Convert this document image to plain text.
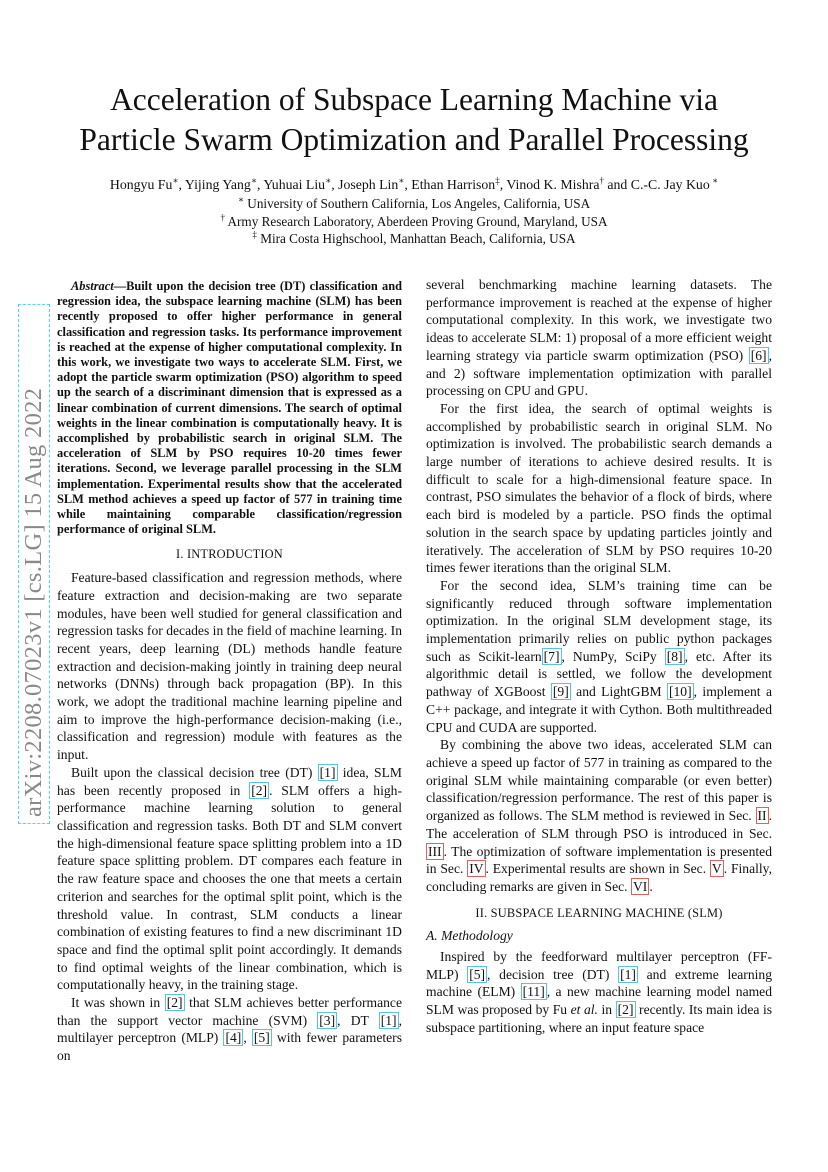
arXiv:2208.07023v1 [cs.LG] 15 Aug 2022
Acceleration of Subspace Learning Machine via
Particle Swarm Optimization and Parallel Processing
Hongyu Fu∗, Yijing Yang∗, Yuhuai Liu∗, Joseph Lin∗, Ethan Harrison‡, Vinod K. Mishra† and C.-C. Jay Kuo ∗
∗ University of Southern California, Los Angeles, California, USA
† Army Research Laboratory, Aberdeen Proving Ground, Maryland, USA
‡ Mira Costa Highschool, Manhattan Beach, California, USA

Abstract—Built upon the decision tree (DT) classification and regression idea, the subspace learning machine (SLM) has been recently proposed to offer higher performance in general classification and regression tasks. Its performance improvement is reached at the expense of higher computational complexity. In this work, we investigate two ways to accelerate SLM. First, we adopt the particle swarm optimization (PSO) algorithm to speed up the search of a discriminant dimension that is expressed as a linear combination of current dimensions. The search of optimal weights in the linear combination is computationally heavy. It is accomplished by probabilistic search in original SLM. The acceleration of SLM by PSO requires 10-20 times fewer iterations. Second, we leverage parallel processing in the SLM implementation. Experimental results show that the accelerated SLM method achieves a speed up factor of 577 in training time while maintaining comparable classification/regression performance of original SLM.

I. INTRODUCTION

Feature-based classification and regression methods, where feature extraction and decision-making are two separate modules, have been well studied for general classification and regression tasks for decades in the field of machine learning. In recent years, deep learning (DL) methods handle feature extraction and decision-making jointly in training deep neural networks (DNNs) through back propagation (BP). In this work, we adopt the traditional machine learning pipeline and aim to improve the high-performance decision-making (i.e., classification and regression) module with features as the input.

Built upon the classical decision tree (DT) [1] idea, SLM has been recently proposed in [2] . SLM offers a high-performance machine learning solution to general classification and regression tasks. Both DT and SLM convert the high-dimensional feature space splitting problem into a 1D feature space splitting problem. DT compares each feature in the raw feature space and chooses the one that meets a certain criterion and searches for the optimal split point, which is the threshold value. In contrast, SLM conducts a linear combination of existing features to find a new discriminant 1D space and find the optimal split point accordingly. It demands to find optimal weights of the linear combination, which is computationally heavy, in the training stage.

It was shown in [2] that SLM achieves better performance than the support vector machine (SVM) [3] , DT [1] , multilayer perceptron (MLP) [4] , [5] with fewer parameters on

several benchmarking machine learning datasets. The performance improvement is reached at the expense of higher computational complexity. In this work, we investigate two ideas to accelerate SLM: 1) proposal of a more efficient weight learning strategy via particle swarm optimization (PSO) [6] , and 2) software implementation optimization with parallel processing on CPU and GPU.

For the first idea, the search of optimal weights is accomplished by probabilistic search in original SLM. No optimization is involved. The probabilistic search demands a large number of iterations to achieve desired results. It is difficult to scale for a high-dimensional feature space. In contrast, PSO simulates the behavior of a flock of birds, where each bird is modeled by a particle. PSO finds the optimal solution in the search space by updating particles jointly and iteratively. The acceleration of SLM by PSO requires 10-20 times fewer iterations than the original SLM.

For the second idea, SLM’s training time can be significantly reduced through software implementation optimization. In the original SLM development stage, its implementation primarily relies on public python packages such as Scikit-learn [7] , NumPy, SciPy [8] , etc. After its algorithmic detail is settled, we follow the development pathway of XGBoost [9] and LightGBM [10] , implement a C++ package, and integrate it with Cython. Both multithreaded CPU and CUDA are supported.

By combining the above two ideas, accelerated SLM can achieve a speed up factor of 577 in training as compared to the original SLM while maintaining comparable (or even better) classification/regression performance. The rest of this paper is organized as follows. The SLM method is reviewed in Sec. II . The acceleration of SLM through PSO is introduced in Sec. III . The optimization of software implementation is presented in Sec. IV . Experimental results are shown in Sec. V . Finally, concluding remarks are given in Sec. VI .

II. SUBSPACE LEARNING MACHINE (SLM)
A. Methodology

Inspired by the feedforward multilayer perceptron (FF-MLP) [5] , decision tree (DT) [1] and extreme learning machine (ELM) [11] , a new machine learning model named SLM was proposed by Fu et al. in [2] recently. Its main idea is subspace partitioning, where an input feature space
